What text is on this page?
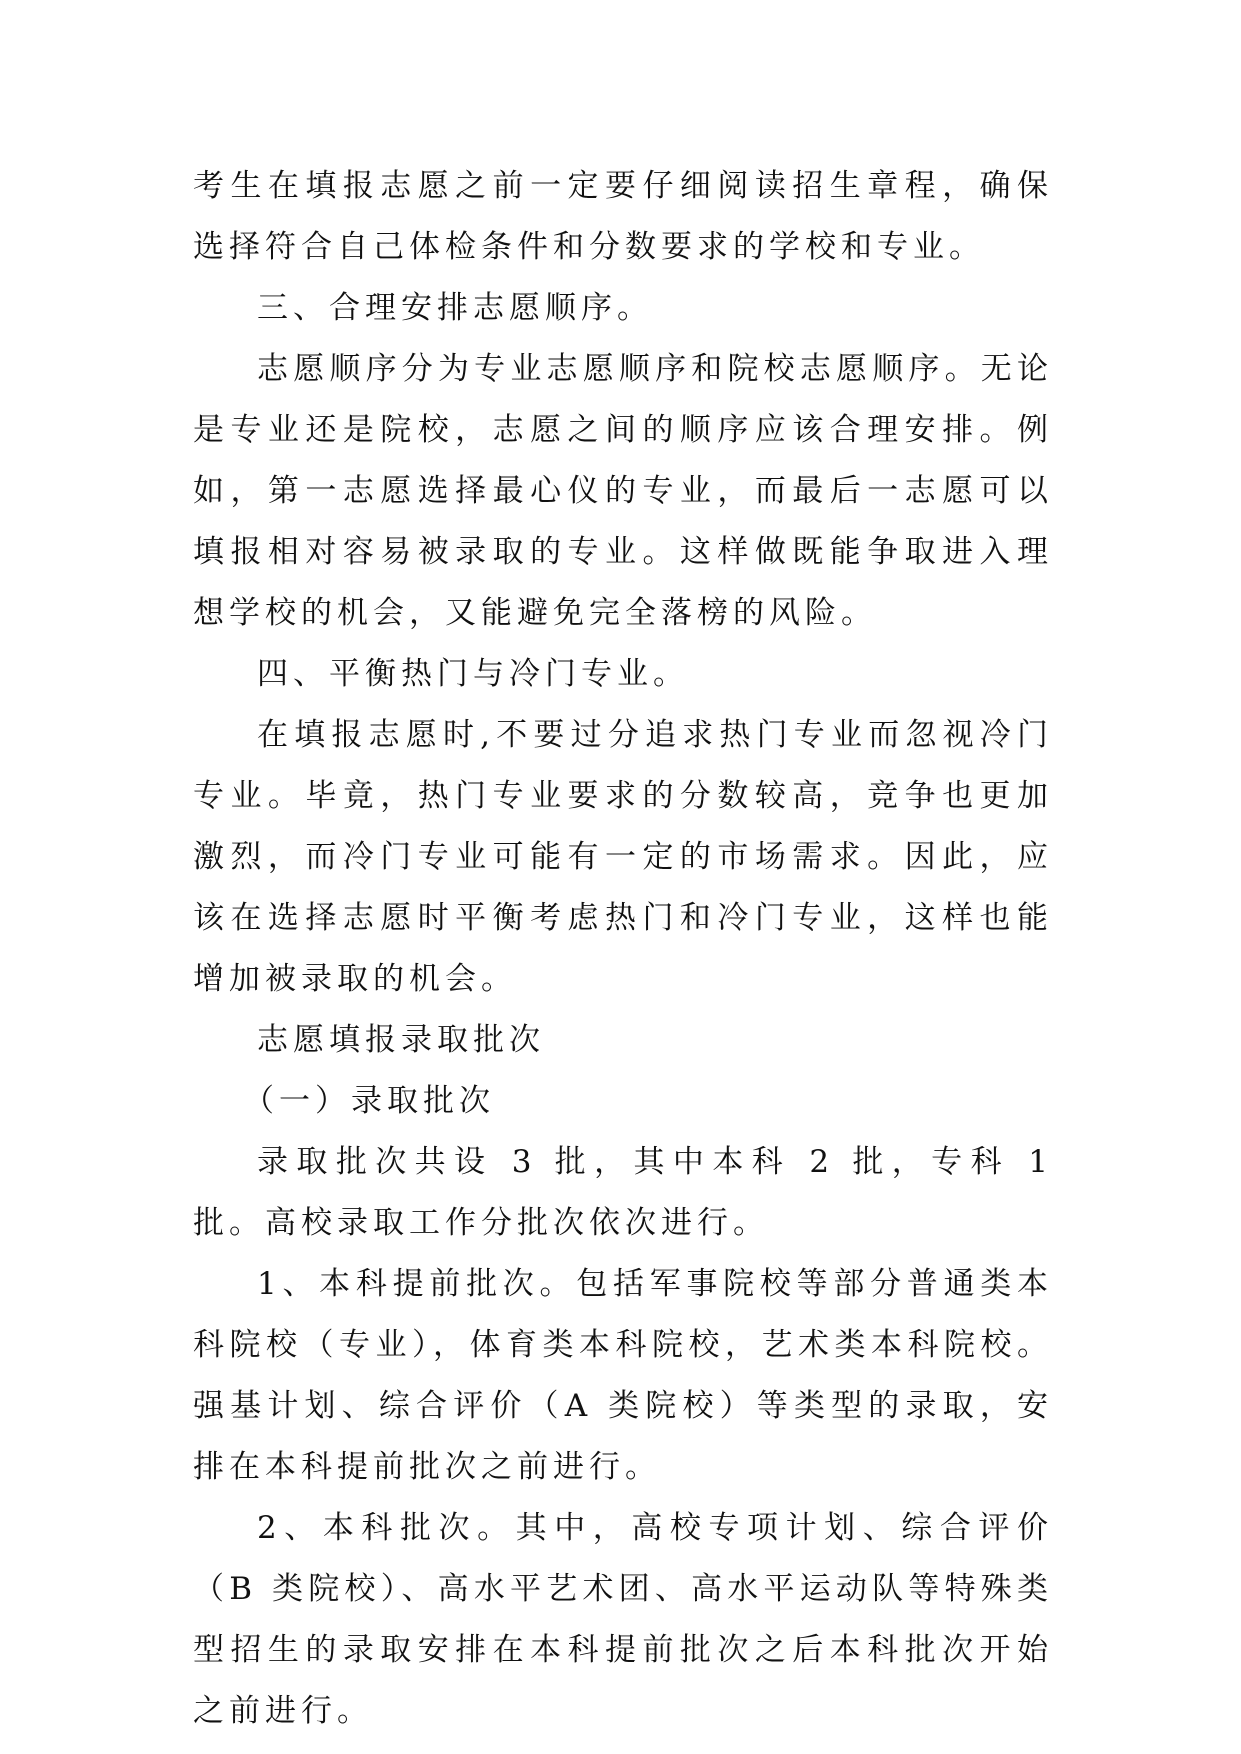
考生在填报志愿之前一定要仔细阅读招生章程，确保选择符合自己体检条件和分数要求的学校和专业。

三、合理安排志愿顺序。

志愿顺序分为专业志愿顺序和院校志愿顺序。无论是专业还是院校，志愿之间的顺序应该合理安排。例如，第一志愿选择最心仪的专业，而最后一志愿可以填报相对容易被录取的专业。这样做既能争取进入理想学校的机会，又能避免完全落榜的风险。

四、平衡热门与冷门专业。

在填报志愿时,不要过分追求热门专业而忽视冷门专业。毕竟，热门专业要求的分数较高，竞争也更加激烈，而冷门专业可能有一定的市场需求。因此，应该在选择志愿时平衡考虑热门和冷门专业，这样也能增加被录取的机会。

志愿填报录取批次

（一）录取批次

录取批次共设 3 批，其中本科 2 批，专科 1 批。高校录取工作分批次依次进行。

1、本科提前批次。包括军事院校等部分普通类本科院校（专业），体育类本科院校，艺术类本科院校。强基计划、综合评价（A 类院校）等类型的录取，安排在本科提前批次之前进行。

2、本科批次。其中，高校专项计划、综合评价（B 类院校）、高水平艺术团、高水平运动队等特殊类型招生的录取安排在本科提前批次之后本科批次开始之前进行。
